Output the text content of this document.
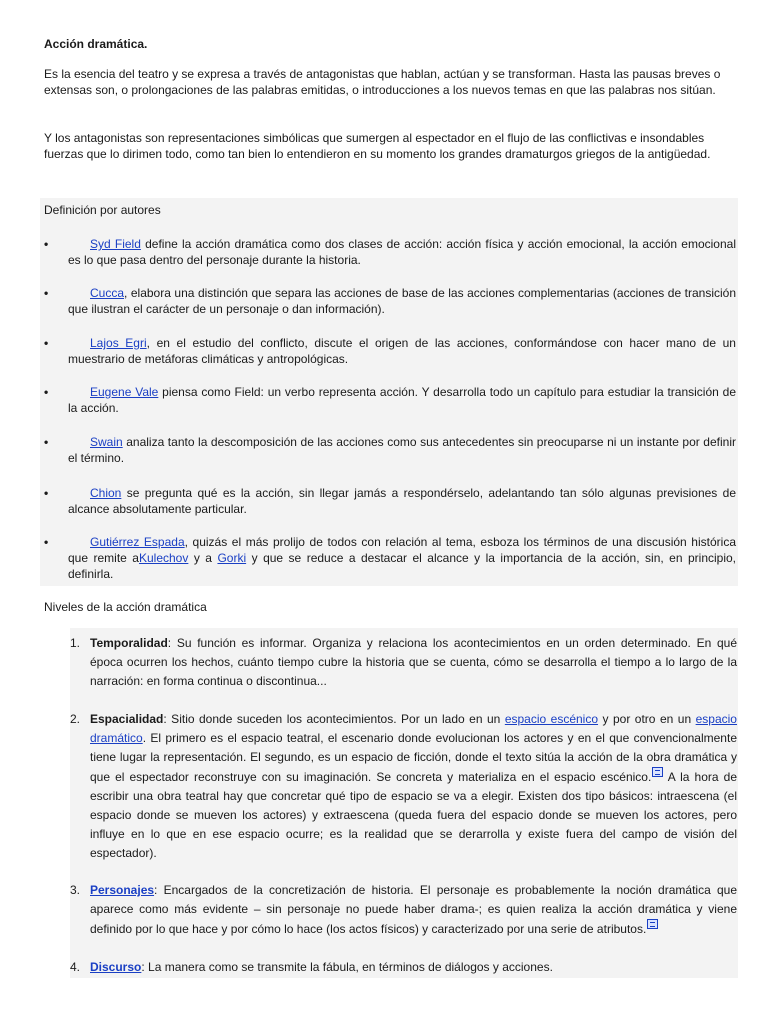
Acción dramática.
Es la esencia del teatro y se expresa a través de antagonistas que hablan, actúan y se transforman. Hasta las pausas breves o extensas son, o prolongaciones de las palabras emitidas, o introducciones a los nuevos temas en que las palabras nos sitúan.
Y los antagonistas son representaciones simbólicas que sumergen al espectador en el flujo de las conflictivas e insondables fuerzas que lo dirimen todo, como tan bien lo entendieron en su momento los grandes dramaturgos griegos de la antigüedad.
Definición por autores
•	Syd Field define la acción dramática como dos clases de acción: acción física y acción emocional, la acción emocional es lo que pasa dentro del personaje durante la historia.
•	Cucca, elabora una distinción que separa las acciones de base de las acciones complementarias (acciones de transición que ilustran el carácter de un personaje o dan información).
•	Lajos Egri, en el estudio del conflicto, discute el origen de las acciones, conformándose con hacer mano de un muestrario de metáforas climáticas y antropológicas.
•	Eugene Vale piensa como Field: un verbo representa acción. Y desarrolla todo un capítulo para estudiar la transición de la acción.
•	Swain analiza tanto la descomposición de las acciones como sus antecedentes sin preocuparse ni un instante por definir el término.
•	Chion se pregunta qué es la acción, sin llegar jamás a respondérselo, adelantando tan sólo algunas previsiones de alcance absolutamente particular.
•	Gutiérrez Espada, quizás el más prolijo de todos con relación al tema, esboza los términos de una discusión histórica que remite aKulechov y a Gorki y que se reduce a destacar el alcance y la importancia de la acción, sin, en principio, definirla.
Niveles de la acción dramática
1. Temporalidad: Su función es informar. Organiza y relaciona los acontecimientos en un orden determinado. En qué época ocurren los hechos, cuánto tiempo cubre la historia que se cuenta, cómo se desarrolla el tiempo a lo largo de la narración: en forma continua o discontinua...
2. Espacialidad: Sitio donde suceden los acontecimientos. Por un lado en un espacio escénico y por otro en un espacio dramático. El primero es el espacio teatral, el escenario donde evolucionan los actores y en el que convencionalmente tiene lugar la representación. El segundo, es un espacio de ficción, donde el texto sitúa la acción de la obra dramática y que el espectador reconstruye con su imaginación. Se concreta y materializa en el espacio escénico. A la hora de escribir una obra teatral hay que concretar qué tipo de espacio se va a elegir. Existen dos tipo básicos: intraescena (el espacio donde se mueven los actores) y extraescena (queda fuera del espacio donde se mueven los actores, pero influye en lo que en ese espacio ocurre; es la realidad que se derarrolla y existe fuera del campo de visión del espectador).
3. Personajes: Encargados de la concretización de historia. El personaje es probablemente la noción dramática que aparece como más evidente – sin personaje no puede haber drama-; es quien realiza la acción dramática y viene definido por lo que hace y por cómo lo hace (los actos físicos) y caracterizado por una serie de atributos.
4. Discurso: La manera como se transmite la fábula, en términos de diálogos y acciones.
